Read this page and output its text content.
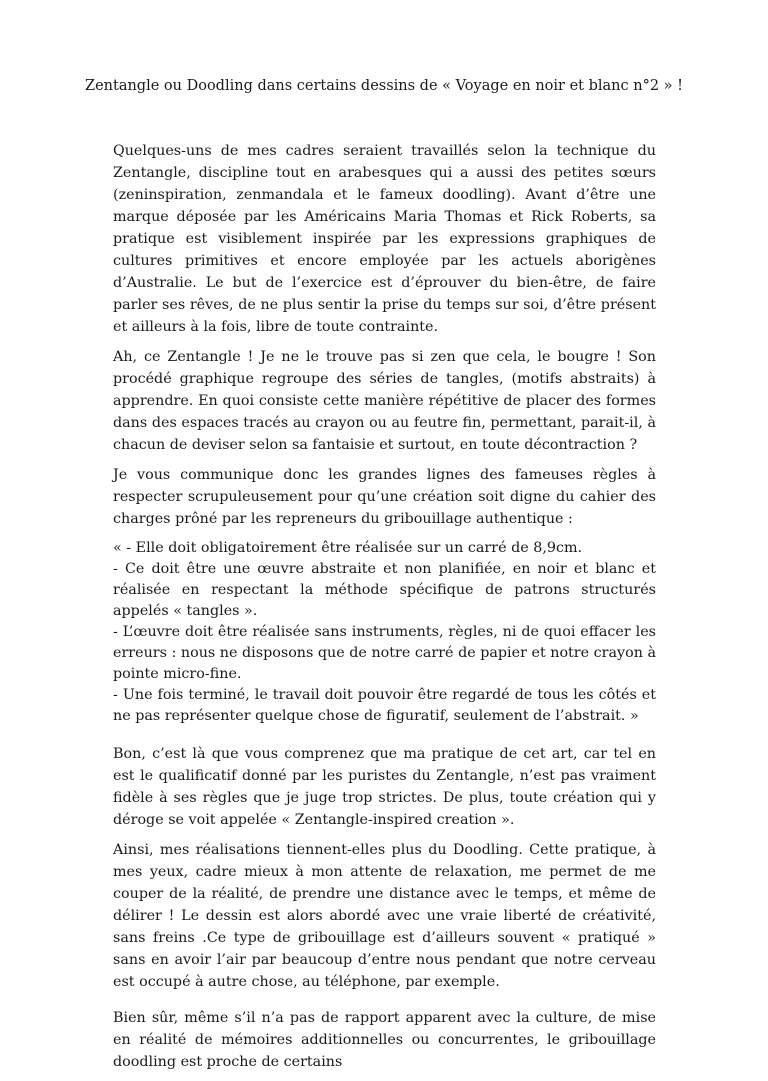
Zentangle ou Doodling dans certains dessins de « Voyage en noir et blanc n°2 » !

Quelques-uns de mes cadres seraient travaillés selon la technique du Zentangle, discipline tout en arabesques qui a aussi des petites sœurs (zeninspiration, zenmandala et le fameux doodling). Avant d’être une marque déposée par les Américains Maria Thomas et Rick Roberts, sa pratique est visiblement inspirée par les expressions graphiques de cultures primitives et encore employée par les actuels aborigènes d’Australie. Le but de l’exercice est d’éprouver du bien-être, de faire parler ses rêves, de ne plus sentir la prise du temps sur soi, d’être présent et ailleurs à la fois, libre de toute contrainte.

Ah, ce Zentangle ! Je ne le trouve pas si zen que cela, le bougre ! Son procédé graphique regroupe des séries de tangles, (motifs abstraits) à apprendre. En quoi consiste cette manière répétitive de placer des formes dans des espaces tracés au crayon ou au feutre fin, permettant, parait-il, à chacun de deviser selon sa fantaisie et surtout, en toute décontraction ?

Je vous communique donc les grandes lignes des fameuses règles à respecter scrupuleusement pour qu’une création soit digne du cahier des charges prôné par les repreneurs du gribouillage authentique :

« - Elle doit obligatoirement être réalisée sur un carré de 8,9cm.
- Ce doit être une œuvre abstraite et non planifiée, en noir et blanc et réalisée en respectant la méthode spécifique de patrons structurés appelés « tangles ».
- L’œuvre doit être réalisée sans instruments, règles, ni de quoi effacer les erreurs : nous ne disposons que de notre carré de papier et notre crayon à pointe micro-fine.
- Une fois terminé, le travail doit pouvoir être regardé de tous les côtés et ne pas représenter quelque chose de figuratif, seulement de l’abstrait. »

Bon, c’est là que vous comprenez que ma pratique de cet art, car tel en est le qualificatif donné par les puristes du Zentangle, n’est pas vraiment fidèle à ses règles que je juge trop strictes. De plus, toute création qui y déroge se voit appelée « Zentangle-inspired creation ».

Ainsi, mes réalisations tiennent-elles plus du Doodling. Cette pratique, à mes yeux, cadre mieux à mon attente de relaxation, me permet de me couper de la réalité, de prendre une distance avec le temps, et même de délirer ! Le dessin est alors abordé avec une vraie liberté de créativité, sans freins .Ce type de gribouillage est d’ailleurs souvent « pratiqué » sans en avoir l’air par beaucoup d’entre nous pendant que notre cerveau est occupé à autre chose, au téléphone, par exemple.

Bien sûr, même s’il n’a pas de rapport apparent avec la culture, de mise en réalité de mémoires additionnelles ou concurrentes, le gribouillage doodling est proche de certains
